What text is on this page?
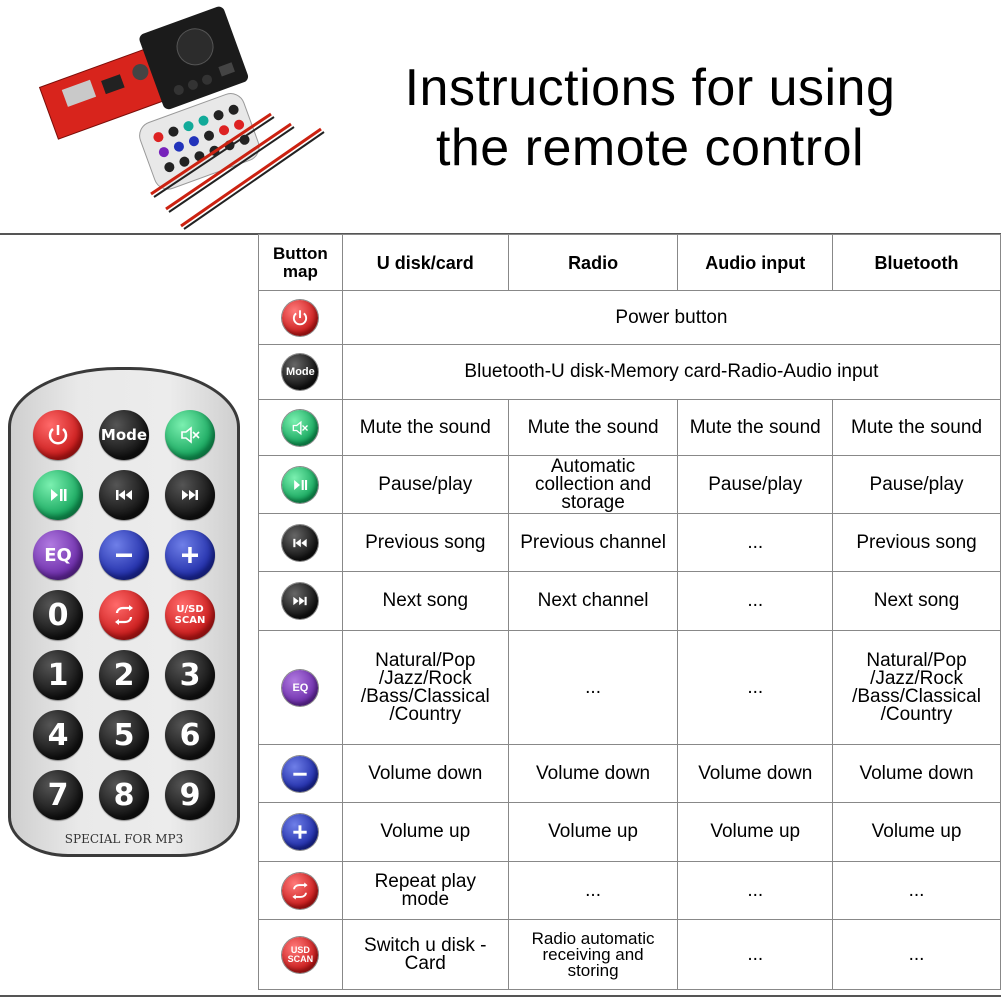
Instructions for using
the remote control
Mode
EQ
0	U/SD SCAN
1 2 3
4 5 6
7 8 9
SPECIAL FOR MP3
Button map	U disk/card	Radio	Audio input	Bluetooth

	Power button			

Mode	Bluetooth-U disk-Memory card-Radio-Audio input			

	Mute the sound	Mute the sound	Mute the sound	Mute the sound

	Pause/play	Automatic collection and storage	Pause/play	Pause/play

	Previous song	Previous channel	...	Previous song

	Next song	Next channel	...	Next song

EQ	Natural/Pop /Jazz/Rock /Bass/Classical /Country	...	...	Natural/Pop /Jazz/Rock /Bass/Classical /Country

	Volume down	Volume down	Volume down	Volume down

	Volume up	Volume up	Volume up	Volume up

	Repeat play mode	...	...	...

USD SCAN	Switch u disk - Card	Radio automatic receiving and storing	...	...
